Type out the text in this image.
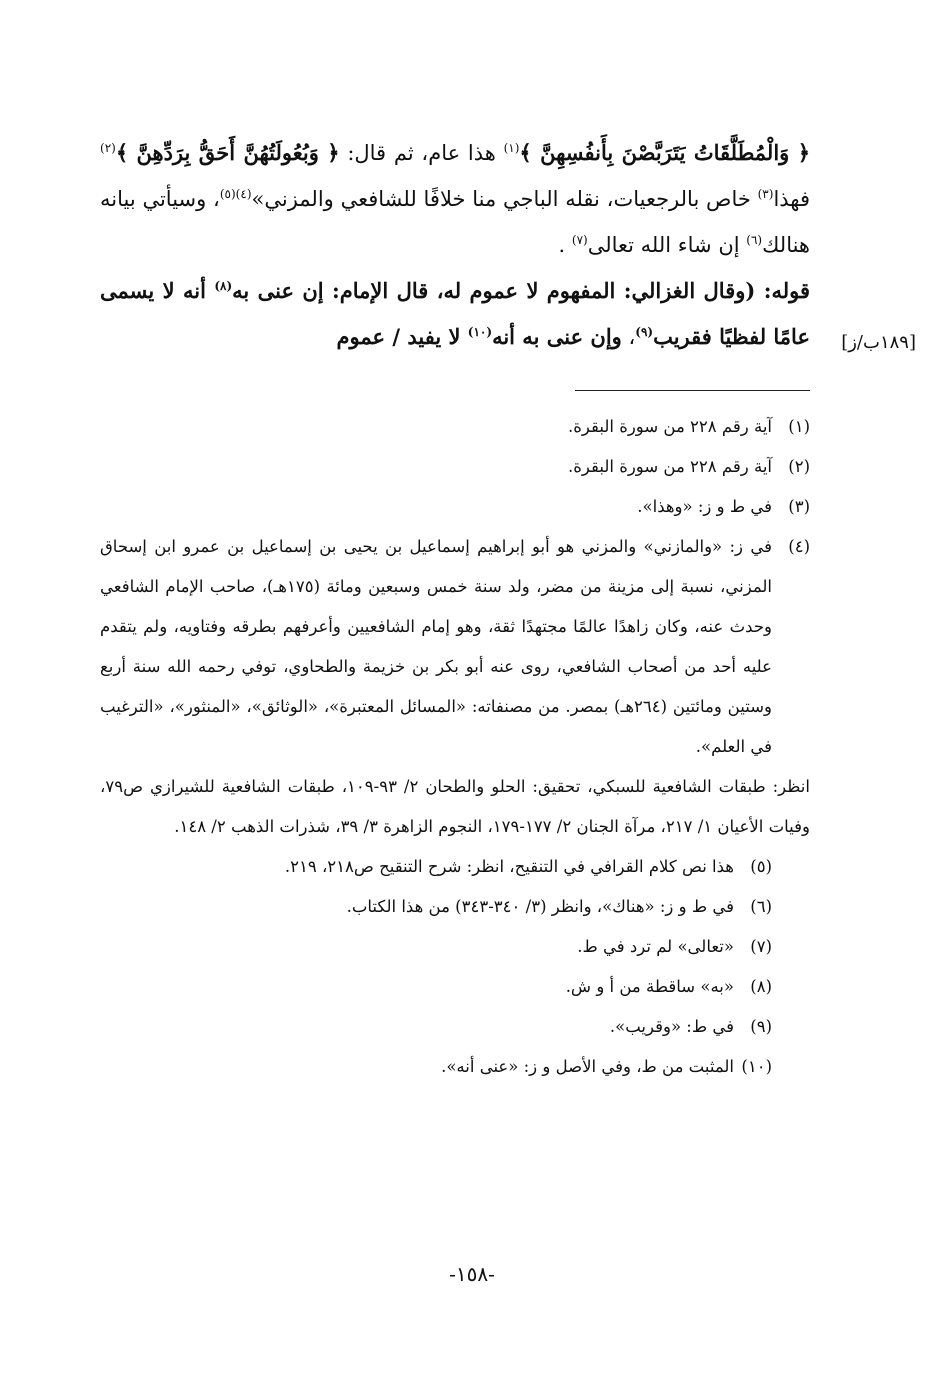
﴿ وَالْمُطَلَّقَاتُ يَتَرَبَّصْنَ بِأَنفُسِهِنَّ ﴾$^{(١)}$ هذا عام، ثم قال: ﴿ وَبُعُولَتُهُنَّ أَحَقُّ بِرَدِّهِنَّ ﴾$^{(٢)}$ فهذا$^{(٣)}$ خاص بالرجعيات، نقله الباجي منا خلافًا للشافعي والمزني»$^{(٤)(٥)}$، وسيأتي بيانه هنالك$^{(٦)}$ إن شاء الله تعالى$^{(٧)}$ .

قوله: (وقال الغزالي: المفهوم لا عموم له، قال الإمام: إن عنى به$^{(٨)}$ أنه لا يسمى عامًا لفظيًا فقريب$^{(٩)}$، وإن عنى به أنه$^{(١٠)}$ لا يفيد / عموم	[١٨٩ب/ز]
(١)
آية رقم ٢٢٨ من سورة البقرة.
(٢)
آية رقم ٢٢٨ من سورة البقرة.
(٣)
في ط و ز: «وهذا».
(٤)
في ز: «والمازني» والمزني هو أبو إبراهيم إسماعيل بن يحيى بن إسماعيل بن عمرو ابن إسحاق المزني، نسبة إلى مزينة من مضر، ولد سنة خمس وسبعين ومائة (١٧٥هـ)، صاحب الإمام الشافعي وحدث عنه، وكان زاهدًا عالمًا مجتهدًا ثقة، وهو إمام الشافعيين وأعرفهم بطرقه وفتاويه، ولم يتقدم عليه أحد من أصحاب الشافعي، روى عنه أبو بكر بن خزيمة والطحاوي، توفي رحمه الله سنة أربع وستين ومائتين (٢٦٤هـ) بمصر. من مصنفاته: «المسائل المعتبرة»، «الوثائق»، «المنثور»، «الترغيب في العلم».
انظر: طبقات الشافعية للسبكي، تحقيق: الحلو والطحان ٢/ ٩٣-١٠٩، طبقات الشافعية للشيرازي ص٧٩، وفيات الأعيان ١/ ٢١٧، مرآة الجنان ٢/ ١٧٧-١٧٩، النجوم الزاهرة ٣/ ٣٩، شذرات الذهب ٢/ ١٤٨.
(٥)
هذا نص كلام القرافي في التنقيح، انظر: شرح التنقيح ص٢١٨، ٢١٩.
(٦)
في ط و ز: «هناك»، وانظر (٣/ ٣٤٠-٣٤٣) من هذا الكتاب.
(٧)
«تعالى» لم ترد في ط.
(٨)
«به» ساقطة من أ و ش.
(٩)
في ط: «وقريب».
(١٠)
المثبت من ط، وفي الأصل و ز: «عنى أنه».
-١٥٨-
